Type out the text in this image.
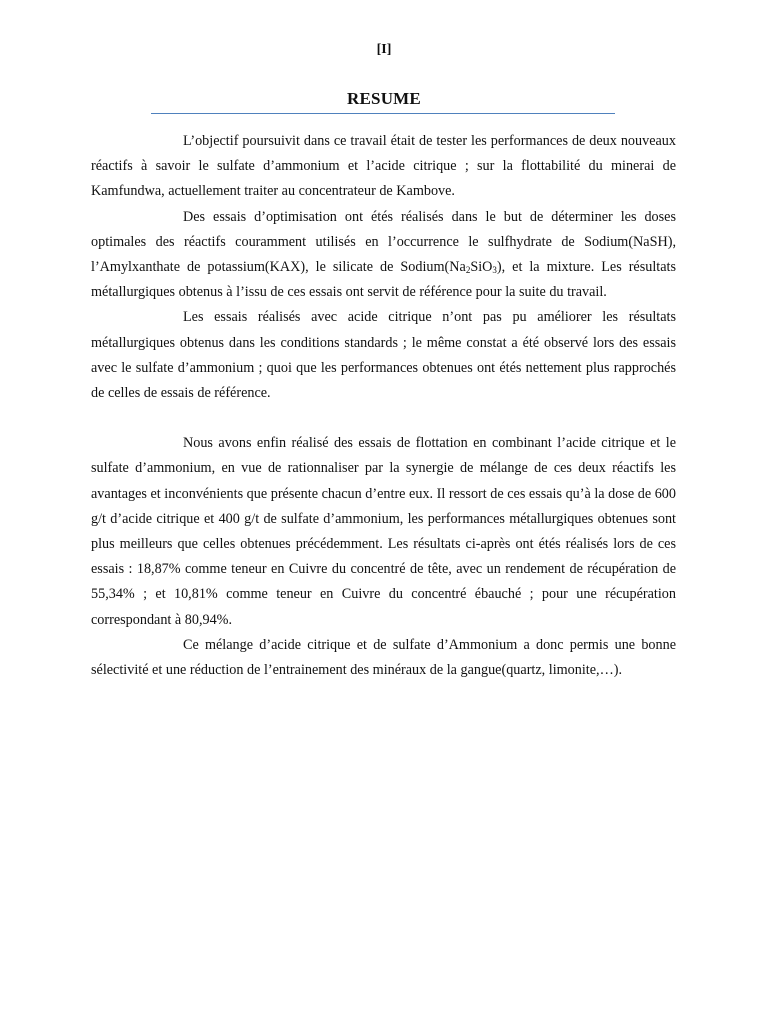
[I]
RESUME

L’objectif poursuivit dans ce travail était de tester les performances de deux nouveaux réactifs à savoir le sulfate d’ammonium et l’acide citrique ; sur la flottabilité du minerai de Kamfundwa, actuellement traiter au concentrateur de Kambove.

Des essais d’optimisation ont étés réalisés dans le but de déterminer les doses optimales des réactifs couramment utilisés en l’occurrence le sulfhydrate de Sodium(NaSH), l’Amylxanthate de potassium(KAX), le silicate de $Sodium(Na_2SiO_3)$, et la mixture. Les résultats métallurgiques obtenus à l’issu de ces essais ont servit de référence pour la suite du travail.

Les essais réalisés avec acide citrique n’ont pas pu améliorer les résultats métallurgiques obtenus dans les conditions standards ; le même constat a été observé lors des essais avec le sulfate d’ammonium ; quoi que les performances obtenues ont étés nettement plus rapprochés de celles de essais de référence.

Nous avons enfin réalisé des essais de flottation en combinant l’acide citrique et le sulfate d’ammonium, en vue de rationnaliser par la synergie de mélange de ces deux réactifs les avantages et inconvénients que présente chacun d’entre eux. Il ressort de ces essais qu’à la dose de 600 g/t d’acide citrique et 400 g/t de sulfate d’ammonium, les performances métallurgiques obtenues sont plus meilleurs que celles obtenues précédemment. Les résultats ci-après ont étés réalisés lors de ces essais : 18,87% comme teneur en Cuivre du concentré de tête, avec un rendement de récupération de 55,34% ; et 10,81% comme teneur en Cuivre du concentré ébauché ; pour une récupération correspondant à 80,94%.

Ce mélange d’acide citrique et de sulfate d’Ammonium a donc permis une bonne sélectivité et une réduction de l’entrainement des minéraux de la gangue(quartz, limonite,…).
